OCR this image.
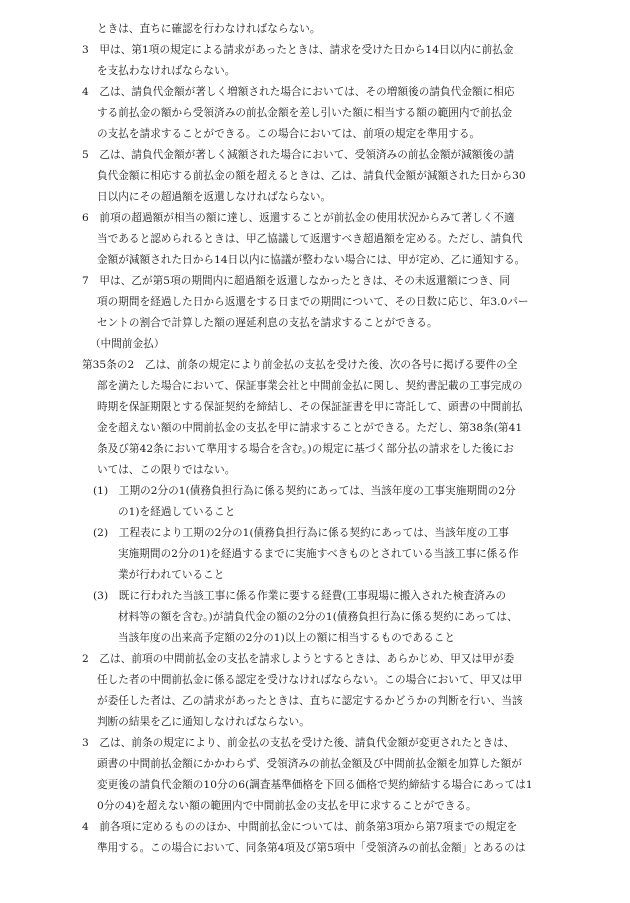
ときは、直ちに確認を行わなければならない。
3　甲は、第1項の規定による請求があったときは、請求を受けた日から14日以内に前払金
を支払わなければならない。
4　乙は、請負代金額が著しく増額された場合においては、その増額後の請負代金額に相応
する前払金の額から受領済みの前払金額を差し引いた額に相当する額の範囲内で前払金
の支払を請求することができる。この場合においては、前項の規定を準用する。
5　乙は、請負代金額が著しく減額された場合において、受領済みの前払金額が減額後の請
負代金額に相応する前払金の額を超えるときは、乙は、請負代金額が減額された日から30
日以内にその超過額を返還しなければならない。
6　前項の超過額が相当の額に達し、返還することが前払金の使用状況からみて著しく不適
当であると認められるときは、甲乙協議して返還すべき超過額を定める。ただし、請負代
金額が減額された日から14日以内に協議が整わない場合には、甲が定め、乙に通知する。
7　甲は、乙が第5項の期間内に超過額を返還しなかったときは、その未返還額につき、同
項の期間を経過した日から返還をする日までの期間について、その日数に応じ、年3.0パー
セントの割合で計算した額の遅延利息の支払を請求することができる。
（中間前金払）
第35条の2　乙は、前条の規定により前金払の支払を受けた後、次の各号に掲げる要件の全
部を満たした場合において、保証事業会社と中間前金払に関し、契約書記載の工事完成の
時期を保証期限とする保証契約を締結し、その保証証書を甲に寄託して、頭書の中間前払
金を超えない額の中間前払金の支払を甲に請求することができる。ただし、第38条(第41
条及び第42条において準用する場合を含む。)の規定に基づく部分払の請求をした後にお
いては、この限りではない。
(1)　工期の2分の1(債務負担行為に係る契約にあっては、当該年度の工事実施期間の2分
の1)を経過していること
(2)　工程表により工期の2分の1(債務負担行為に係る契約にあっては、当該年度の工事
実施期間の2分の1)を経過するまでに実施すべきものとされている当該工事に係る作
業が行われていること
(3)　既に行われた当該工事に係る作業に要する経費(工事現場に搬入された検査済みの
材料等の額を含む。)が請負代金の額の2分の1(債務負担行為に係る契約にあっては、
当該年度の出来高予定額の2分の1)以上の額に相当するものであること
2　乙は、前項の中間前払金の支払を請求しようとするときは、あらかじめ、甲又は甲が委
任した者の中間前払金に係る認定を受けなければならない。この場合において、甲又は甲
が委任した者は、乙の請求があったときは、直ちに認定するかどうかの判断を行い、当該
判断の結果を乙に通知しなければならない。
3　乙は、前条の規定により、前金払の支払を受けた後、請負代金額が変更されたときは、
頭書の中間前払金額にかかわらず、受領済みの前払金額及び中間前払金額を加算した額が
変更後の請負代金額の10分の6(調査基準価格を下回る価格で契約締結する場合にあっては1
0分の4)を超えない額の範囲内で中間前払金の支払を甲に求することができる。
4　前各項に定めるもののほか、中間前払金については、前条第3項から第7項までの規定を
準用する。この場合において、同条第4項及び第5項中「受領済みの前払金額」とあるのは
